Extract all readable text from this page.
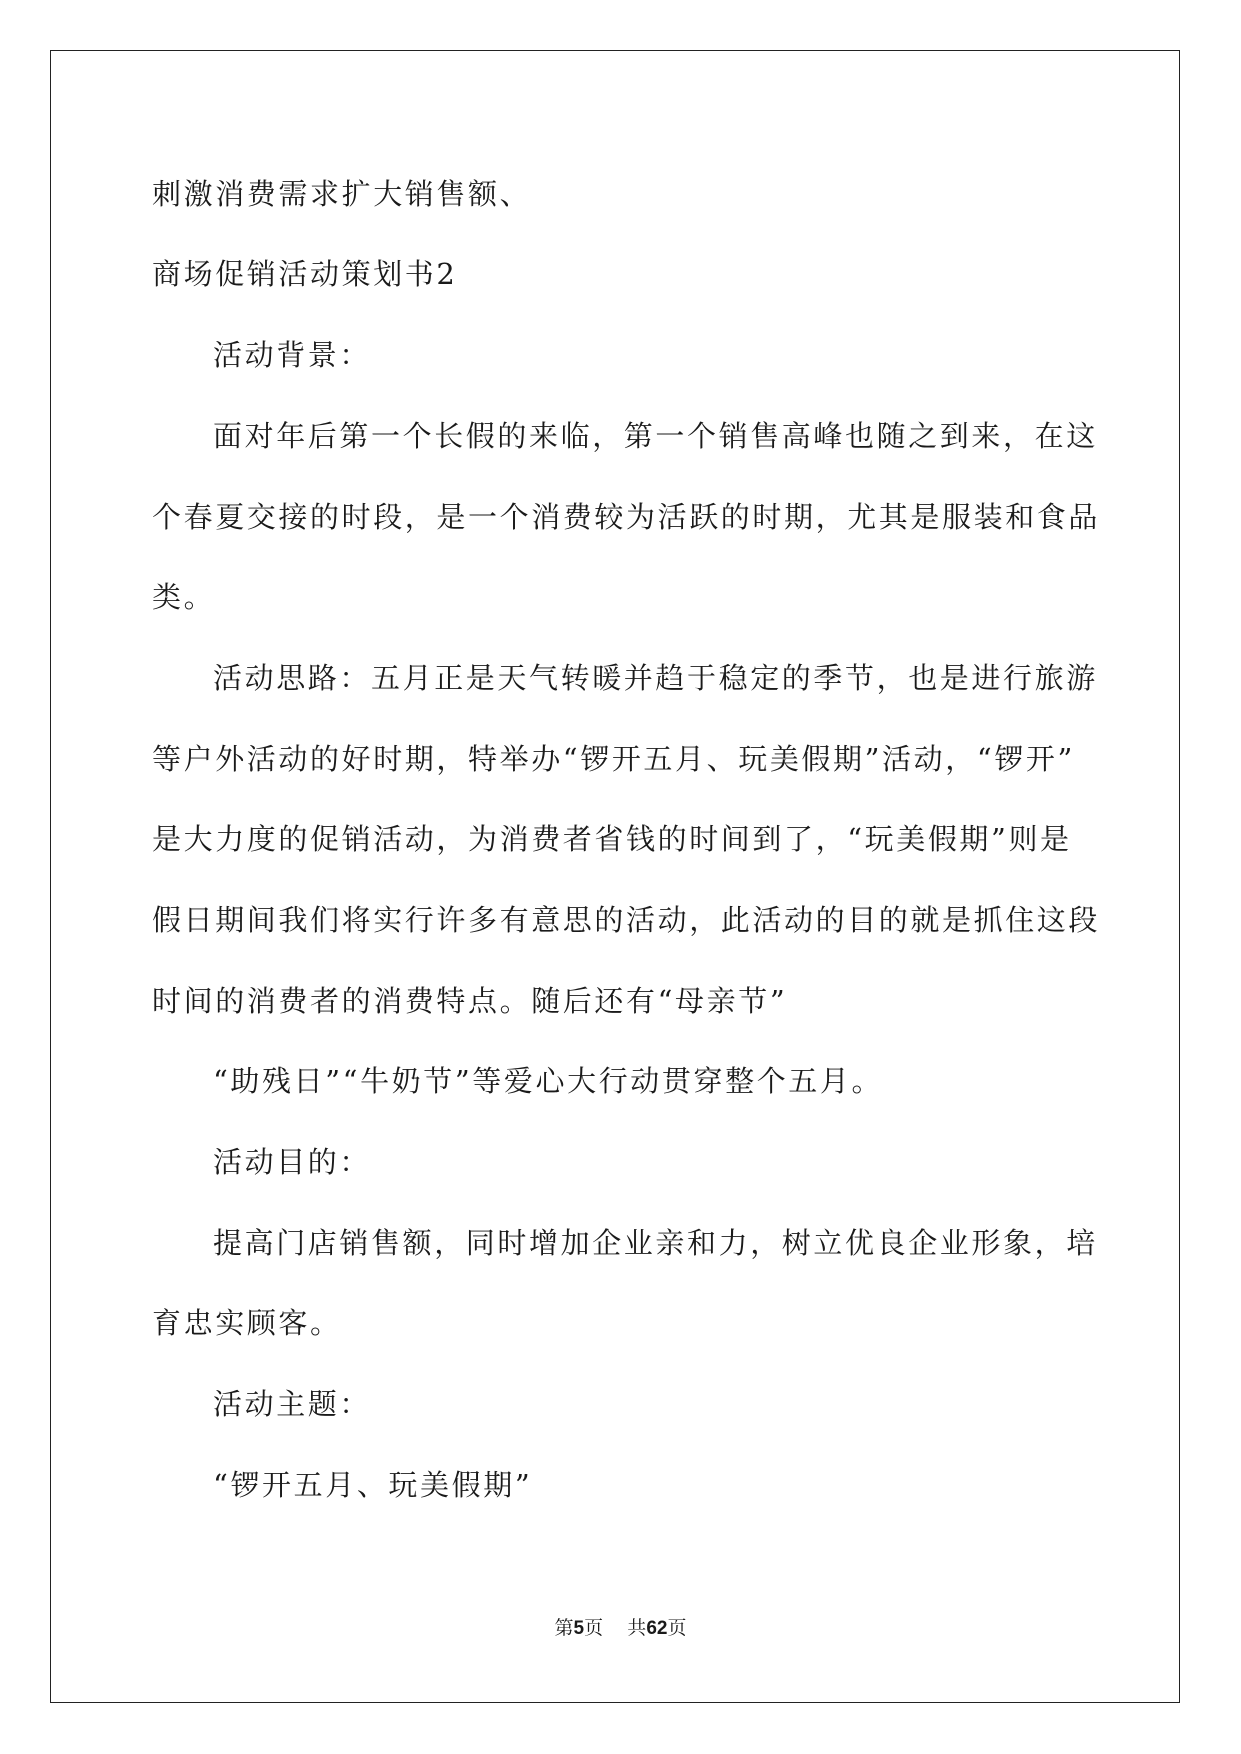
刺激消费需求扩大销售额、

商场促销活动策划书2

活动背景：

面对年后第一个长假的来临，第一个销售高峰也随之到来，在这

个春夏交接的时段，是一个消费较为活跃的时期，尤其是服装和食品

类。

活动思路：五月正是天气转暖并趋于稳定的季节，也是进行旅游

等户外活动的好时期，特举办“锣开五月、玩美假期”活动，“锣开”

是大力度的促销活动，为消费者省钱的时间到了，“玩美假期”则是

假日期间我们将实行许多有意思的活动，此活动的目的就是抓住这段

时间的消费者的消费特点。随后还有“母亲节”

“助残日”“牛奶节”等爱心大行动贯穿整个五月。

活动目的：

提高门店销售额，同时增加企业亲和力，树立优良企业形象，培

育忠实顾客。

活动主题：

“锣开五月、玩美假期”

第5页 共62页
